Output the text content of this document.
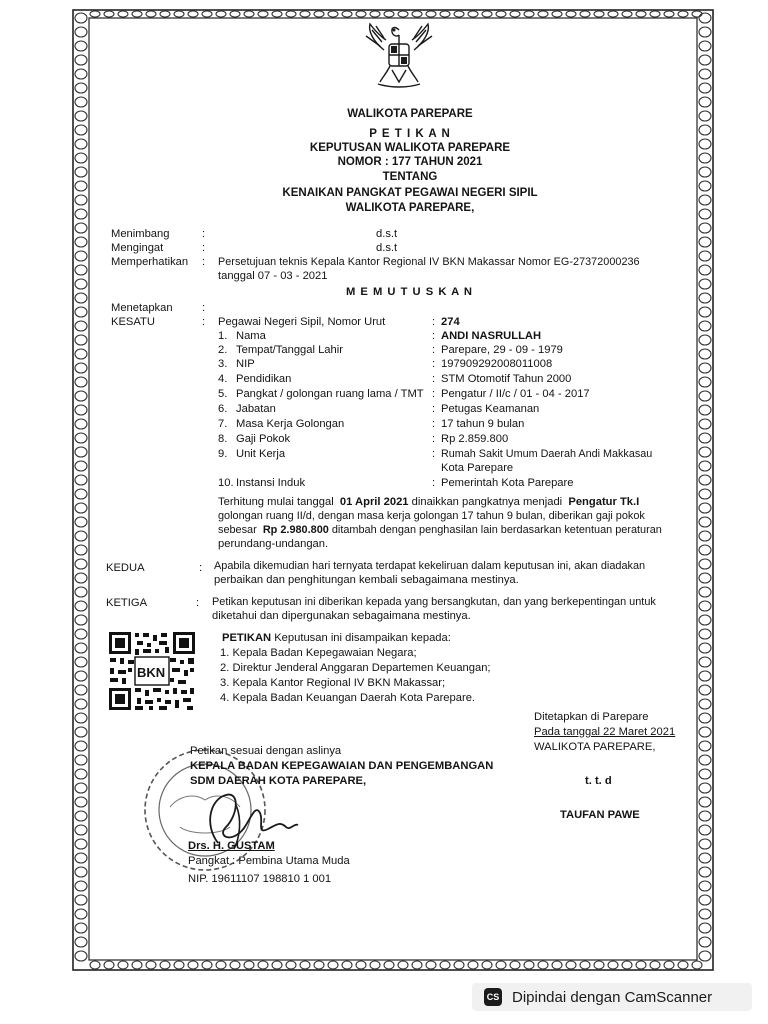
WALIKOTA PAREPARE
P E T I K A N
KEPUTUSAN WALIKOTA PAREPARE
NOMOR : 177 TAHUN 2021
TENTANG
KENAIKAN PANGKAT PEGAWAI NEGERI SIPIL
WALIKOTA PAREPARE,
Menimbang	:	d.s.t
Mengingat	:	d.s.t
Memperhatikan : Persetujuan teknis Kepala Kantor Regional IV BKN Makassar Nomor EG-27372000236
tanggal 07 - 03 - 2021
M E M U T U S K A N
Menetapkan	:
KESATU	: Pegawai Negeri Sipil, Nomor Urut	: 274
1. Nama	: ANDI NASRULLAH
2. Tempat/Tanggal Lahir	: Parepare, 29 - 09 - 1979
3. NIP	: 197909292008011008
4. Pendidikan	: STM Otomotif Tahun 2000
5. Pangkat / golongan ruang lama / TMT : Pengatur / II/c / 01 - 04 - 2017
6. Jabatan	: Petugas Keamanan
7. Masa Kerja Golongan	: 17 tahun 9 bulan
8. Gaji Pokok	: Rp 2.859.800
9. Unit Kerja	: Rumah Sakit Umum Daerah Andi Makkasau
Kota Parepare
10. Instansi Induk	: Pemerintah Kota Parepare
Terhitung mulai tanggal 01 April 2021 dinaikkan pangkatnya menjadi Pengatur Tk.I
golongan ruang II/d, dengan masa kerja golongan 17 tahun 9 bulan, diberikan gaji pokok
sebesar Rp 2.980.800 ditambah dengan penghasilan lain berdasarkan ketentuan peraturan
perundang-undangan.
KEDUA	: Apabila dikemudian hari ternyata terdapat kekeliruan dalam keputusan ini, akan diadakan
perbaikan dan penghitungan kembali sebagaimana mestinya.
KETIGA	: Petikan keputusan ini diberikan kepada yang bersangkutan, dan yang berkepentingan untuk
diketahui dan dipergunakan sebagaimana mestinya.
BKN
PETIKAN Keputusan ini disampaikan kepada:
1. Kepala Badan Kepegawaian Negara;
2. Direktur Jenderal Anggaran Departemen Keuangan;
3. Kepala Kantor Regional IV BKN Makassar;
4. Kepala Badan Keuangan Daerah Kota Parepare.
Ditetapkan di Parepare
Pada tanggal 22 Maret 2021
WALIKOTA PAREPARE,
t. t. d
TAUFAN PAWE
Petikan sesuai dengan aslinya
KEPALA BADAN KEPEGAWAIAN DAN PENGEMBANGAN
SDM DAERAH KOTA PAREPARE,
Drs. H. GUSTAM
Pangkat : Pembina Utama Muda
NIP. 19611107 198810 1 001
CS Dipindai dengan CamScanner
